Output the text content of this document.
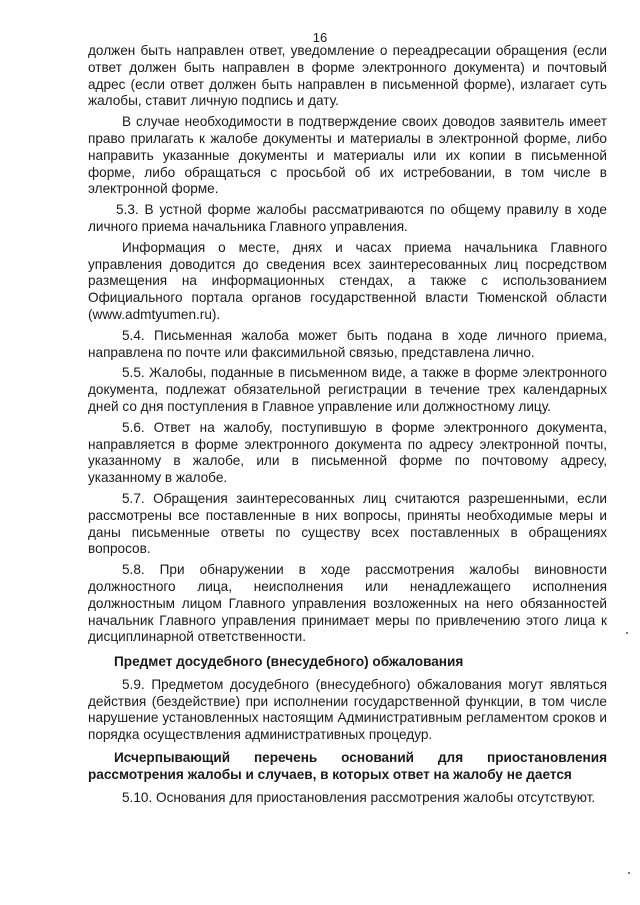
16

должен быть направлен ответ, уведомление о переадресации обращения (если ответ должен быть направлен в форме электронного документа) и почтовый адрес (если ответ должен быть направлен в письменной форме), излагает суть жалобы, ставит личную подпись и дату.

В случае необходимости в подтверждение своих доводов заявитель имеет право прилагать к жалобе документы и материалы в электронной форме, либо направить указанные документы и материалы или их копии в письменной форме, либо обращаться с просьбой об их истребовании, в том числе в электронной форме.

5.3. В устной форме жалобы рассматриваются по общему правилу в ходе личного приема начальника Главного управления.

Информация о месте, днях и часах приема начальника Главного управления доводится до сведения всех заинтересованных лиц посредством размещения на информационных стендах, а также с использованием Официального портала органов государственной власти Тюменской области (www.admtyumen.ru).

5.4. Письменная жалоба может быть подана в ходе личного приема, направлена по почте или факсимильной связью, представлена лично.

5.5. Жалобы, поданные в письменном виде, а также в форме электронного документа, подлежат обязательной регистрации в течение трех календарных дней со дня поступления в Главное управление или должностному лицу.

5.6. Ответ на жалобу, поступившую в форме электронного документа, направляется в форме электронного документа по адресу электронной почты, указанному в жалобе, или в письменной форме по почтовому адресу, указанному в жалобе.

5.7. Обращения заинтересованных лиц считаются разрешенными, если рассмотрены все поставленные в них вопросы, приняты необходимые меры и даны письменные ответы по существу всех поставленных в обращениях вопросов.

5.8. При обнаружении в ходе рассмотрения жалобы виновности должностного лица, неисполнения или ненадлежащего исполнения должностным лицом Главного управления возложенных на него обязанностей начальник Главного управления принимает меры по привлечению этого лица к дисциплинарной ответственности.

Предмет досудебного (внесудебного) обжалования

5.9. Предметом досудебного (внесудебного) обжалования могут являться действия (бездействие) при исполнении государственной функции, в том числе нарушение установленных настоящим Административным регламентом сроков и порядка осуществления административных процедур.

Исчерпывающий перечень оснований для приостановления рассмотрения жалобы и случаев, в которых ответ на жалобу не дается

5.10. Основания для приостановления рассмотрения жалобы отсутствуют.
